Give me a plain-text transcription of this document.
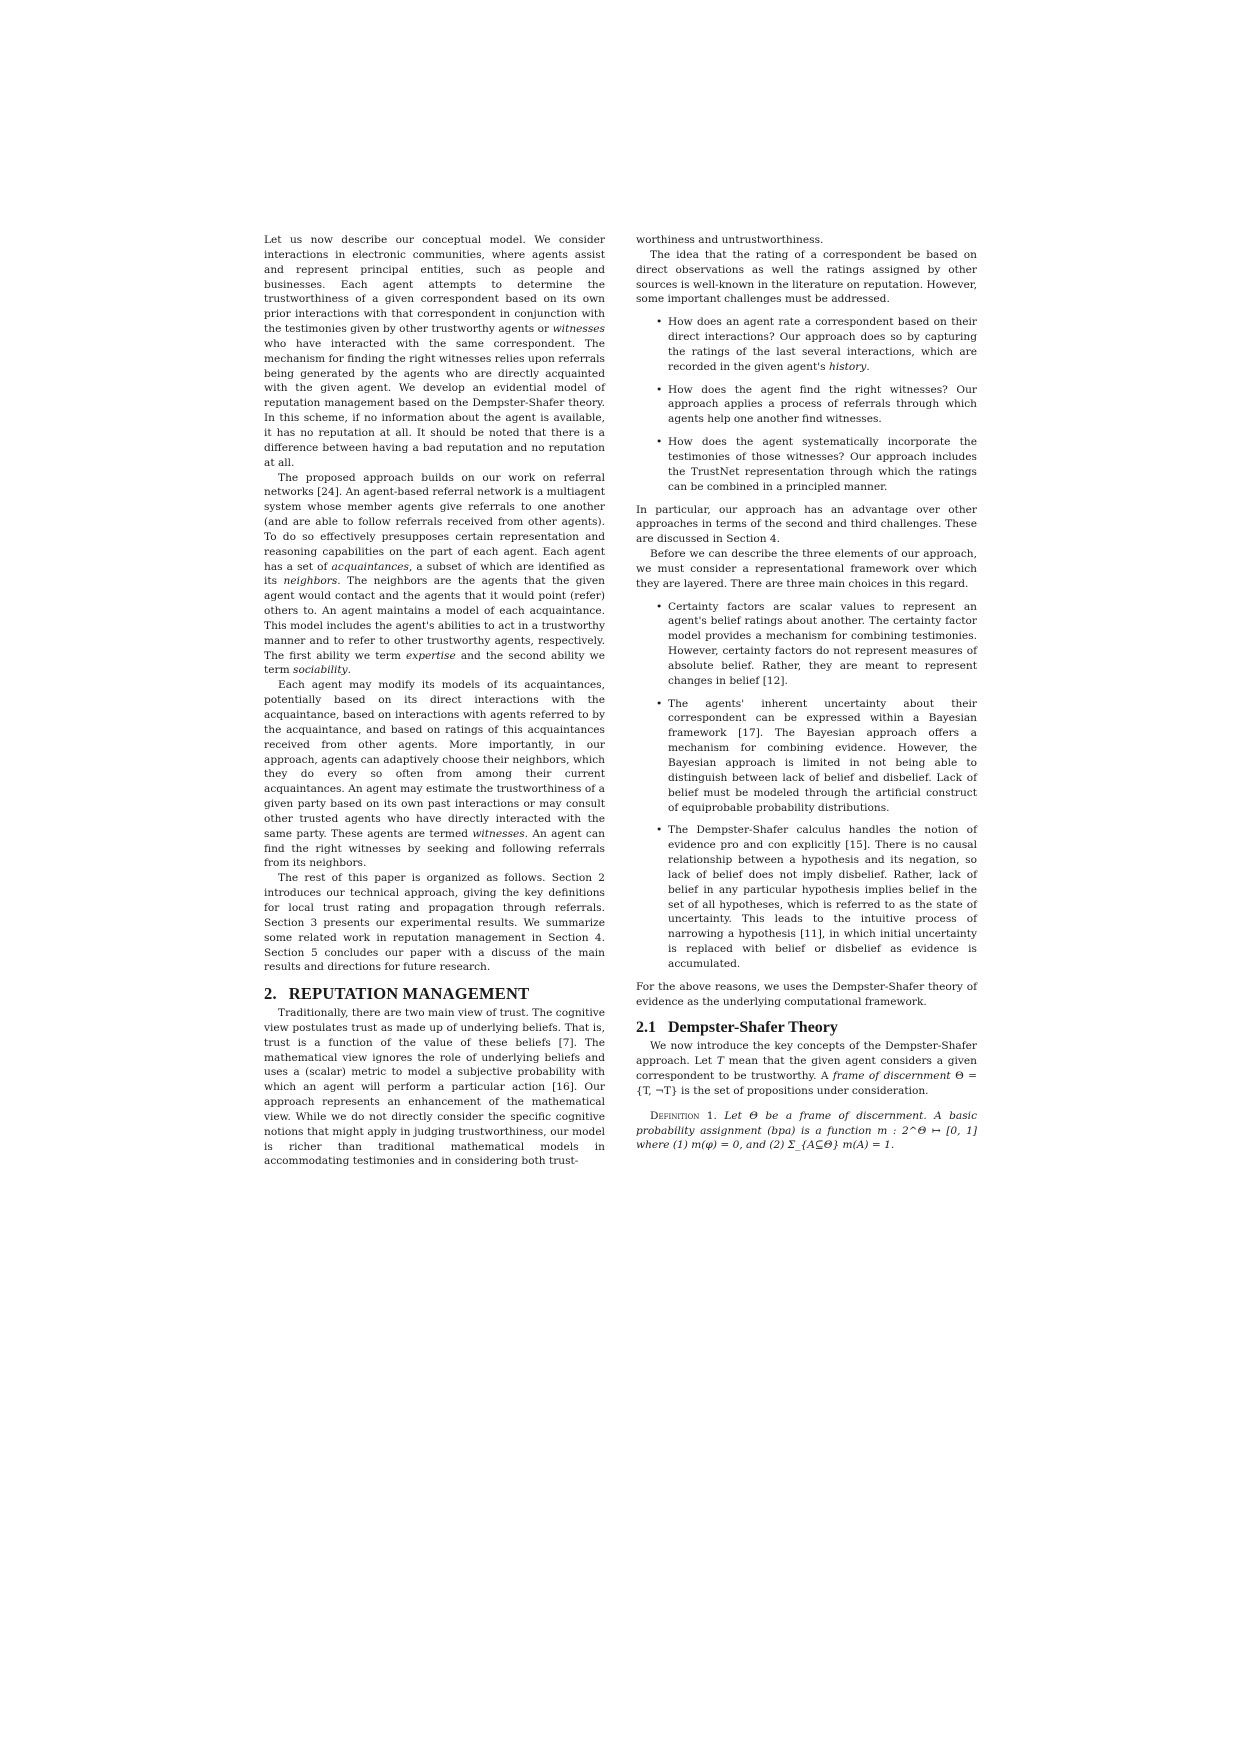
Let us now describe our conceptual model. We consider interactions in electronic communities, where agents assist and represent principal entities, such as people and businesses. Each agent attempts to determine the trustworthiness of a given correspondent based on its own prior interactions with that correspondent in conjunction with the testimonies given by other trustworthy agents or witnesses who have interacted with the same correspondent. The mechanism for finding the right witnesses relies upon referrals being generated by the agents who are directly acquainted with the given agent. We develop an evidential model of reputation management based on the Dempster-Shafer theory. In this scheme, if no information about the agent is available, it has no reputation at all. It should be noted that there is a difference between having a bad reputation and no reputation at all.

The proposed approach builds on our work on referral networks [24]. An agent-based referral network is a multiagent system whose member agents give referrals to one another (and are able to follow referrals received from other agents). To do so effectively presupposes certain representation and reasoning capabilities on the part of each agent. Each agent has a set of acquaintances, a subset of which are identified as its neighbors. The neighbors are the agents that the given agent would contact and the agents that it would point (refer) others to. An agent maintains a model of each acquaintance. This model includes the agent's abilities to act in a trustworthy manner and to refer to other trustworthy agents, respectively. The first ability we term expertise and the second ability we term sociability.

Each agent may modify its models of its acquaintances, potentially based on its direct interactions with the acquaintance, based on interactions with agents referred to by the acquaintance, and based on ratings of this acquaintances received from other agents. More importantly, in our approach, agents can adaptively choose their neighbors, which they do every so often from among their current acquaintances. An agent may estimate the trustworthiness of a given party based on its own past interactions or may consult other trusted agents who have directly interacted with the same party. These agents are termed witnesses. An agent can find the right witnesses by seeking and following referrals from its neighbors.

The rest of this paper is organized as follows. Section 2 introduces our technical approach, giving the key definitions for local trust rating and propagation through referrals. Section 3 presents our experimental results. We summarize some related work in reputation management in Section 4. Section 5 concludes our paper with a discuss of the main results and directions for future research.

2. REPUTATION MANAGEMENT

Traditionally, there are two main view of trust. The cognitive view postulates trust as made up of underlying beliefs. That is, trust is a function of the value of these beliefs [7]. The mathematical view ignores the role of underlying beliefs and uses a (scalar) metric to model a subjective probability with which an agent will perform a particular action [16]. Our approach represents an enhancement of the mathematical view. While we do not directly consider the specific cognitive notions that might apply in judging trustworthiness, our model is richer than traditional mathematical models in accommodating testimonies and in considering both trust-

worthiness and untrustworthiness.

The idea that the rating of a correspondent be based on direct observations as well the ratings assigned by other sources is well-known in the literature on reputation. However, some important challenges must be addressed.

• How does an agent rate a correspondent based on their direct interactions? Our approach does so by capturing the ratings of the last several interactions, which are recorded in the given agent's history.
• How does the agent find the right witnesses? Our approach applies a process of referrals through which agents help one another find witnesses.
• How does the agent systematically incorporate the testimonies of those witnesses? Our approach includes the TrustNet representation through which the ratings can be combined in a principled manner.

In particular, our approach has an advantage over other approaches in terms of the second and third challenges. These are discussed in Section 4.

Before we can describe the three elements of our approach, we must consider a representational framework over which they are layered. There are three main choices in this regard.

• Certainty factors are scalar values to represent an agent's belief ratings about another. The certainty factor model provides a mechanism for combining testimonies. However, certainty factors do not represent measures of absolute belief. Rather, they are meant to represent changes in belief [12].
• The agents' inherent uncertainty about their correspondent can be expressed within a Bayesian framework [17]. The Bayesian approach offers a mechanism for combining evidence. However, the Bayesian approach is limited in not being able to distinguish between lack of belief and disbelief. Lack of belief must be modeled through the artificial construct of equiprobable probability distributions.
• The Dempster-Shafer calculus handles the notion of evidence pro and con explicitly [15]. There is no causal relationship between a hypothesis and its negation, so lack of belief does not imply disbelief. Rather, lack of belief in any particular hypothesis implies belief in the set of all hypotheses, which is referred to as the state of uncertainty. This leads to the intuitive process of narrowing a hypothesis [11], in which initial uncertainty is replaced with belief or disbelief as evidence is accumulated.

For the above reasons, we uses the Dempster-Shafer theory of evidence as the underlying computational framework.

2.1 Dempster-Shafer Theory

We now introduce the key concepts of the Dempster-Shafer approach. Let T mean that the given agent considers a given correspondent to be trustworthy. A frame of discernment Θ = {T, ¬T} is the set of propositions under consideration.

Definition 1. Let Θ be a frame of discernment. A basic probability assignment (bpa) is a function m : 2^Θ ↦ [0, 1] where (1) m(φ) = 0, and (2) Σ_{A⊆Θ} m(A) = 1.
